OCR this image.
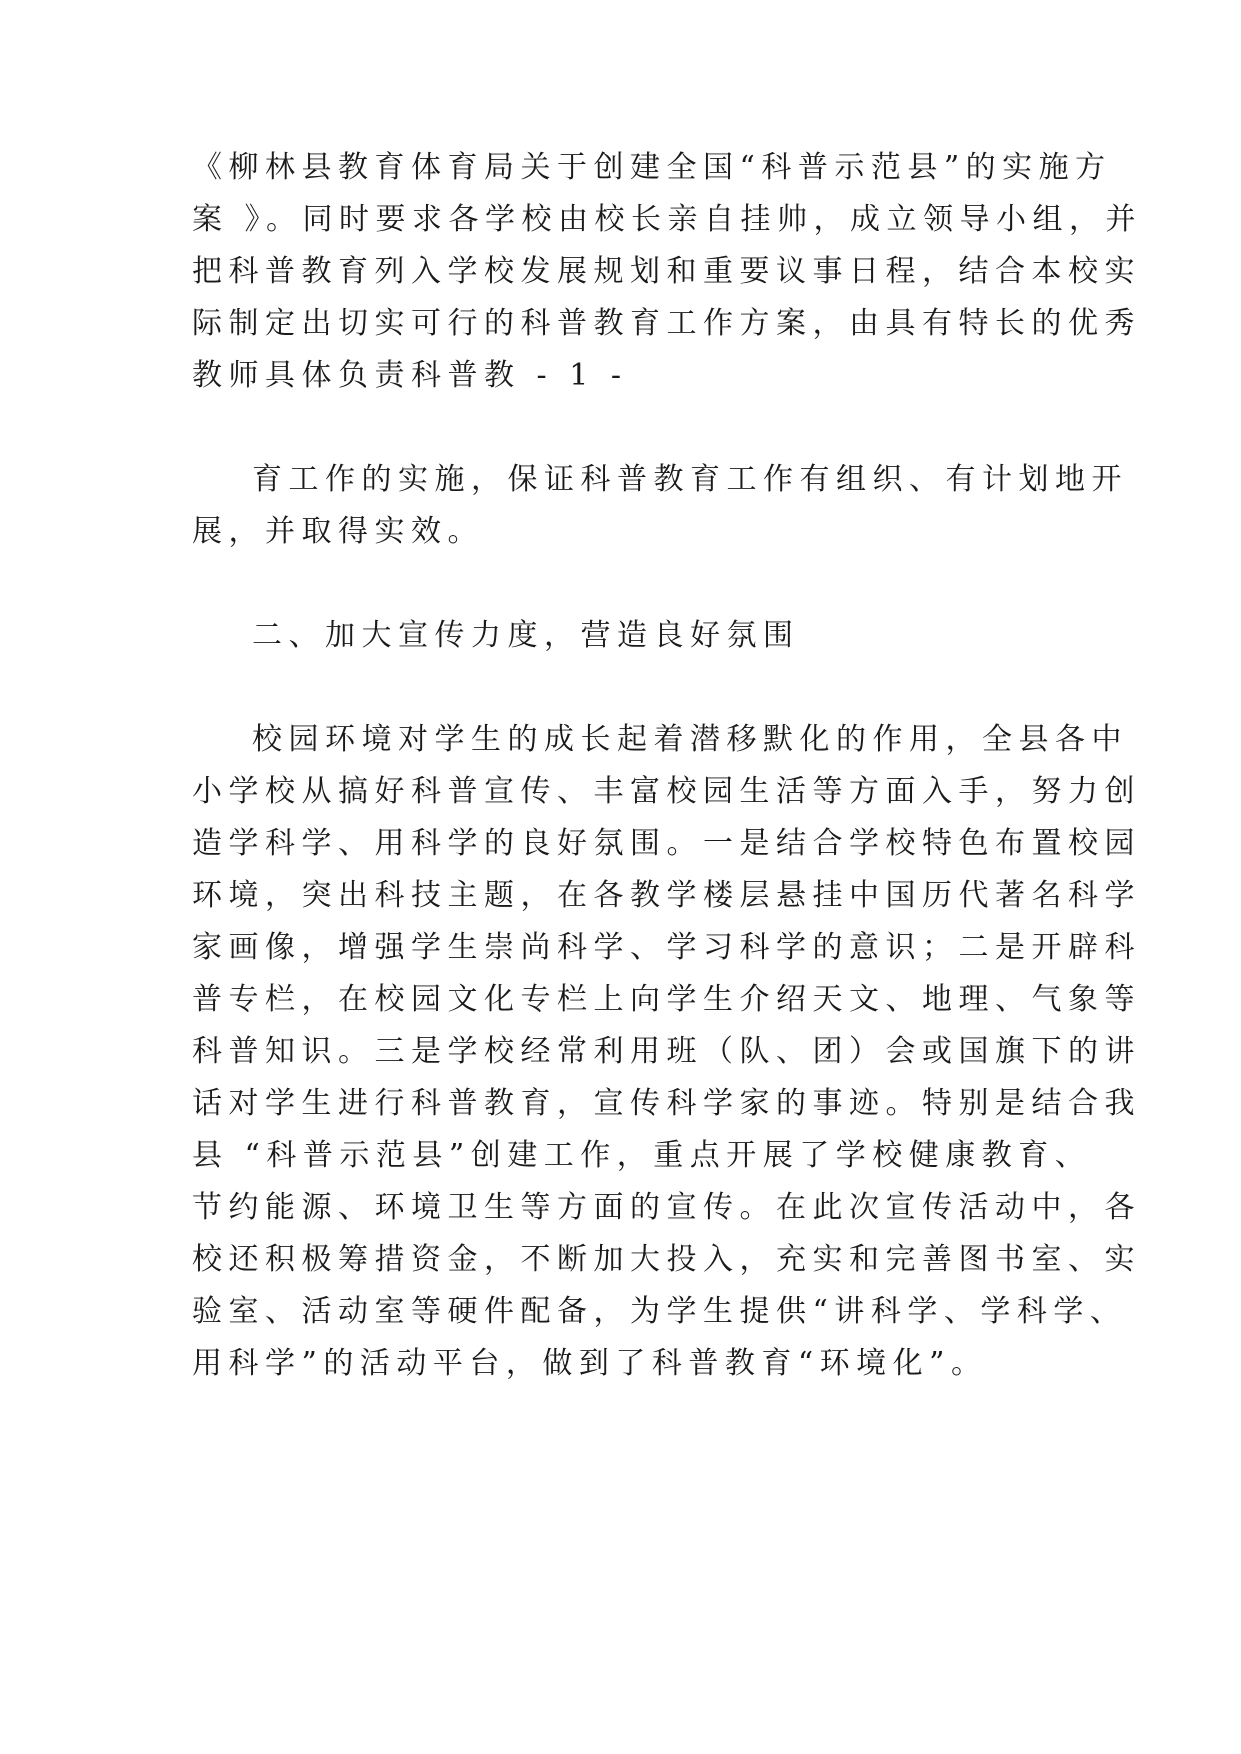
《柳林县教育体育局关于创建全国“科普示范县”的实施方
案 》。同时要求各学校由校长亲自挂帅，成立领导小组，并
把科普教育列入学校发展规划和重要议事日程，结合本校实
际制定出切实可行的科普教育工作方案，由具有特长的优秀
教师具体负责科普教 - 1 -
育工作的实施，保证科普教育工作有组织、有计划地开
展，并取得实效。
二、加大宣传力度，营造良好氛围
校园环境对学生的成长起着潜移默化的作用，全县各中
小学校从搞好科普宣传、丰富校园生活等方面入手，努力创
造学科学、用科学的良好氛围。一是结合学校特色布置校园
环境，突出科技主题，在各教学楼层悬挂中国历代著名科学
家画像，增强学生崇尚科学、学习科学的意识；二是开辟科
普专栏，在校园文化专栏上向学生介绍天文、地理、气象等
科普知识。三是学校经常利用班（队、团）会或国旗下的讲
话对学生进行科普教育，宣传科学家的事迹。特别是结合我
县 “科普示范县”创建工作，重点开展了学校健康教育、
节约能源、环境卫生等方面的宣传。在此次宣传活动中，各
校还积极筹措资金，不断加大投入，充实和完善图书室、实
验室、活动室等硬件配备，为学生提供“讲科学、学科学、
用科学”的活动平台，做到了科普教育“环境化”。
